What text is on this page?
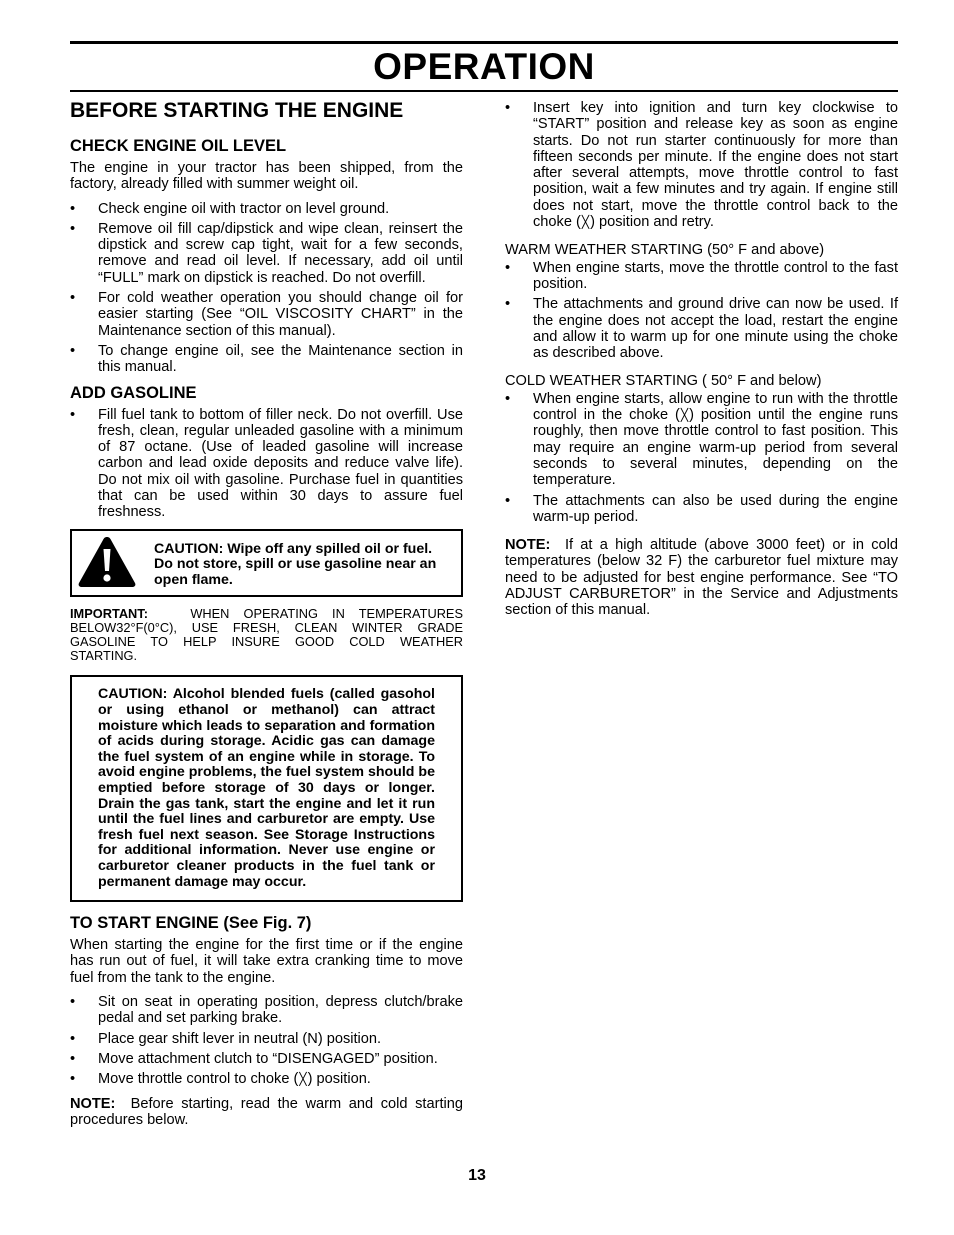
OPERATION
BEFORE STARTING THE ENGINE
CHECK ENGINE OIL LEVEL

The engine in your tractor has been shipped, from the factory, already filled with summer weight oil.

• Check engine oil with tractor on level ground.
• Remove oil fill cap/dipstick and wipe clean, reinsert the dipstick and screw cap tight, wait for a few seconds, remove and read oil level. If necessary, add oil until “FULL” mark on dipstick is reached. Do not overfill.
• For cold weather operation you should change oil for easier starting (See “OIL VISCOSITY CHART” in the Maintenance section of this manual).
• To change engine oil, see the Maintenance section in this manual.
ADD GASOLINE
• Fill fuel tank to bottom of filler neck. Do not overfill. Use fresh, clean, regular unleaded gasoline with a minimum of 87 octane. (Use of leaded gasoline will increase carbon and lead oxide deposits and reduce valve life). Do not mix oil with gasoline. Purchase fuel in quantities that can be used within 30 days to assure fuel freshness.
CAUTION: Wipe off any spilled oil or fuel. Do not store, spill or use gasoline near an open flame.

IMPORTANT:	WHEN OPERATING IN TEMPERATURES BELOW32°F(0°C), USE FRESH, CLEAN WINTER GRADE GASOLINE TO HELP INSURE GOOD COLD WEATHER STARTING.

CAUTION: Alcohol blended fuels (called gasohol or using ethanol or methanol) can attract moisture which leads to separation and formation of acids during storage. Acidic gas can damage the fuel system of an engine while in storage. To avoid engine problems, the fuel system should be emptied before storage of 30 days or longer. Drain the gas tank, start the engine and let it run until the fuel lines and carburetor are empty. Use fresh fuel next season. See Storage Instructions for additional information. Never use engine or carburetor cleaner products in the fuel tank or permanent damage may occur.
TO START ENGINE (See Fig. 7)

When starting the engine for the first time or if the engine has run out of fuel, it will take extra cranking time to move fuel from the tank to the engine.

• Sit on seat in operating position, depress clutch/brake pedal and set parking brake.
• Place gear shift lever in neutral (N) position.
• Move attachment clutch to “DISENGAGED” position.
• Move throttle control to choke (╳) position.

NOTE: Before starting, read the warm and cold starting procedures below.

• Insert key into ignition and turn key clockwise to “START” position and release key as soon as engine starts. Do not run starter continuously for more than fifteen seconds per minute. If the engine does not start after several attempts, move throttle control to fast position, wait a few minutes and try again. If engine still does not start, move the throttle control back to the choke (╳) position and retry.

WARM WEATHER STARTING (50° F and above)

• When engine starts, move the throttle control to the fast position.
• The attachments and ground drive can now be used. If the engine does not accept the load, restart the engine and allow it to warm up for one minute using the choke as described above.

COLD WEATHER STARTING ( 50° F and below)

• When engine starts, allow engine to run with the throttle control in the choke (╳) position until the engine runs roughly, then move throttle control to fast position. This may require an engine warm-up period from several seconds to several minutes, depending on the temperature.
• The attachments can also be used during the engine warm-up period.

NOTE: If at a high altitude (above 3000 feet) or in cold temperatures (below 32 F) the carburetor fuel mixture may need to be adjusted for best engine performance. See “TO ADJUST CARBURETOR” in the Service and Adjustments section of this manual.

13
